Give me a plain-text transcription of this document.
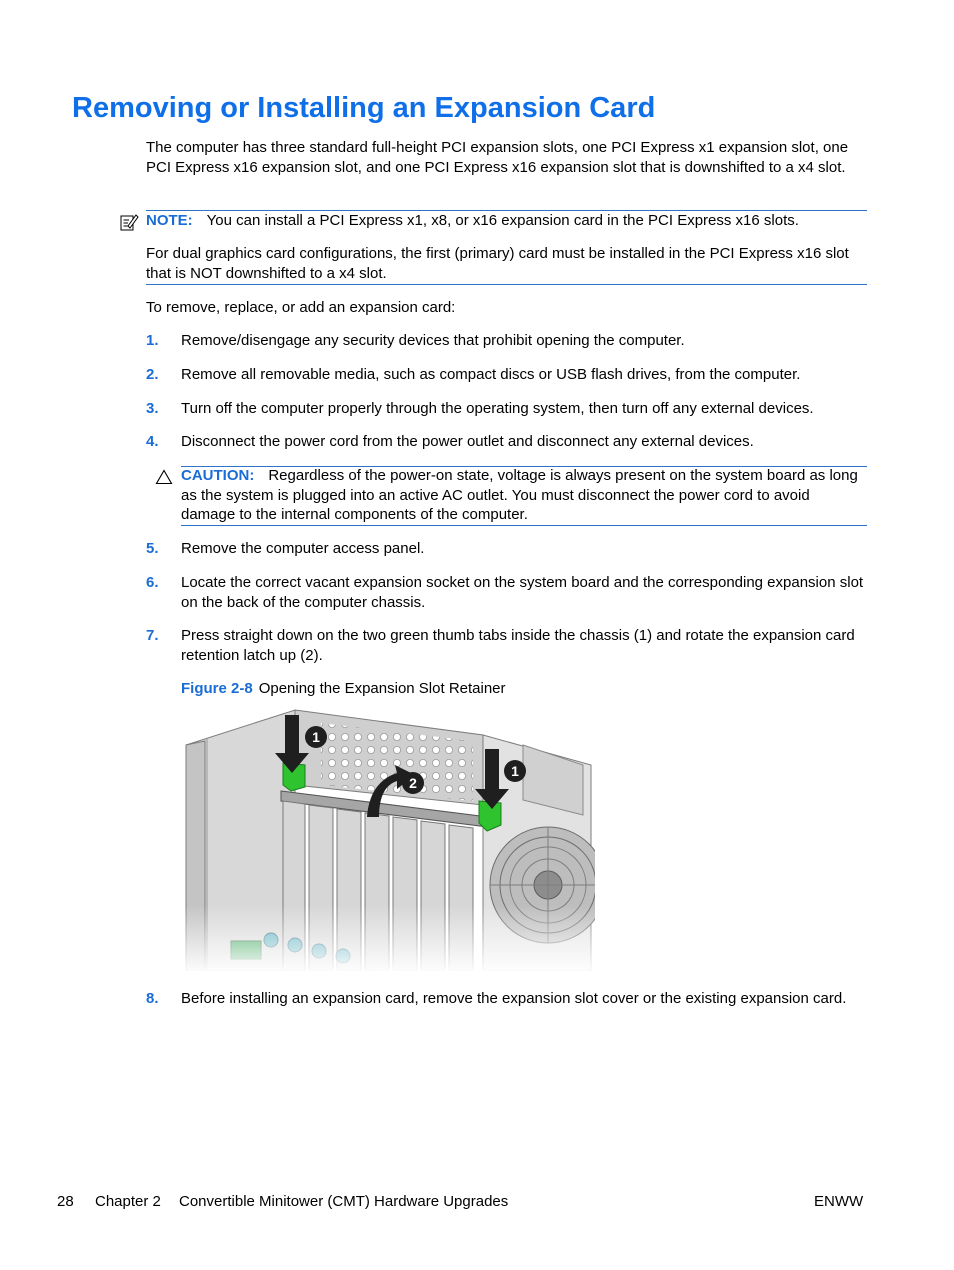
Removing or Installing an Expansion Card

The computer has three standard full-height PCI expansion slots, one PCI Express x1 expansion slot, one PCI Express x16 expansion slot, and one PCI Express x16 expansion slot that is downshifted to a x4 slot.

NOTE: You can install a PCI Express x1, x8, or x16 expansion card in the PCI Express x16 slots.

For dual graphics card configurations, the first (primary) card must be installed in the PCI Express x16 slot that is NOT downshifted to a x4 slot.

To remove, replace, or add an expansion card:

1. Remove/disengage any security devices that prohibit opening the computer.

2. Remove all removable media, such as compact discs or USB flash drives, from the computer.

3. Turn off the computer properly through the operating system, then turn off any external devices.

4. Disconnect the power cord from the power outlet and disconnect any external devices.

CAUTION: Regardless of the power-on state, voltage is always present on the system board as long as the system is plugged into an active AC outlet. You must disconnect the power cord to avoid damage to the internal components of the computer.

5. Remove the computer access panel.

6. Locate the correct vacant expansion socket on the system board and the corresponding expansion slot on the back of the computer chassis.

7. Press straight down on the two green thumb tabs inside the chassis (1) and rotate the expansion card retention latch up (2).

Figure 2-8 Opening the Expansion Slot Retainer

1
2
1
8. Before installing an expansion card, remove the expansion slot cover or the existing expansion card.

28 Chapter 2 Convertible Minitower (CMT) Hardware Upgrades	ENWW
